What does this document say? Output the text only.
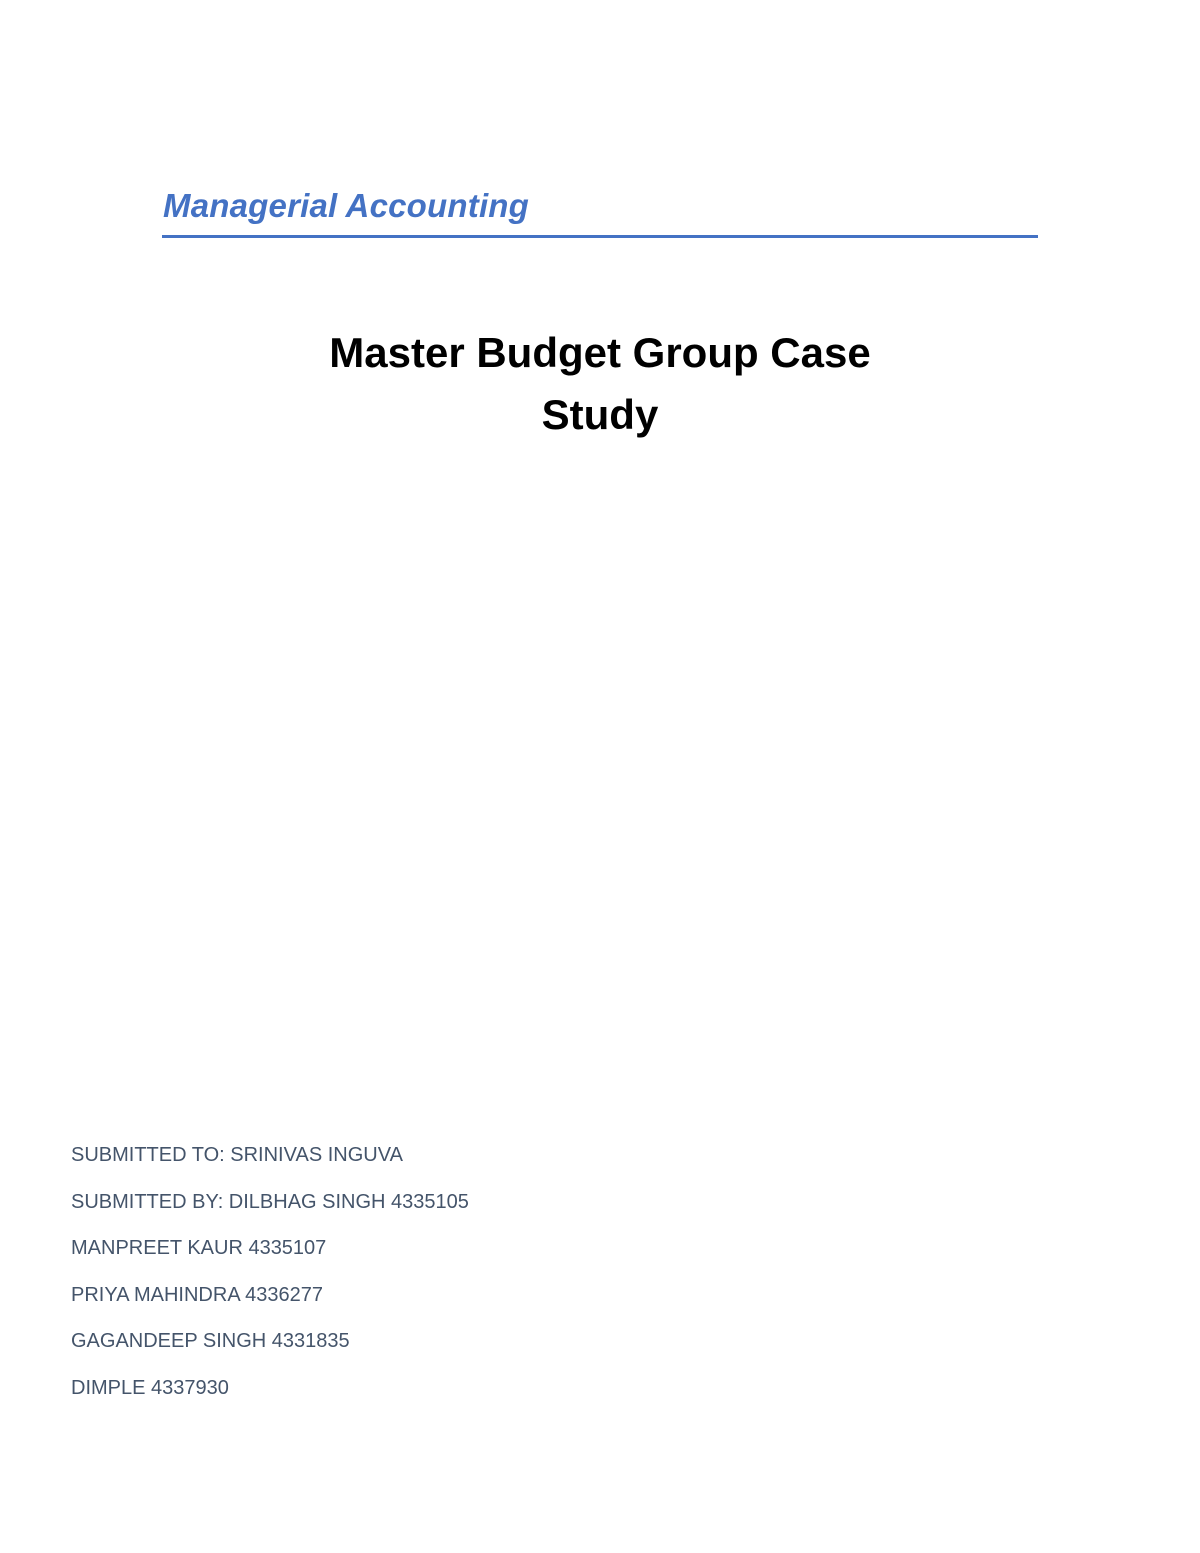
Managerial Accounting
Master Budget Group Case
Study
SUBMITTED TO: SRINIVAS INGUVA
SUBMITTED BY: DILBHAG SINGH 4335105
MANPREET KAUR 4335107
PRIYA MAHINDRA 4336277
GAGANDEEP SINGH 4331835
DIMPLE 4337930
